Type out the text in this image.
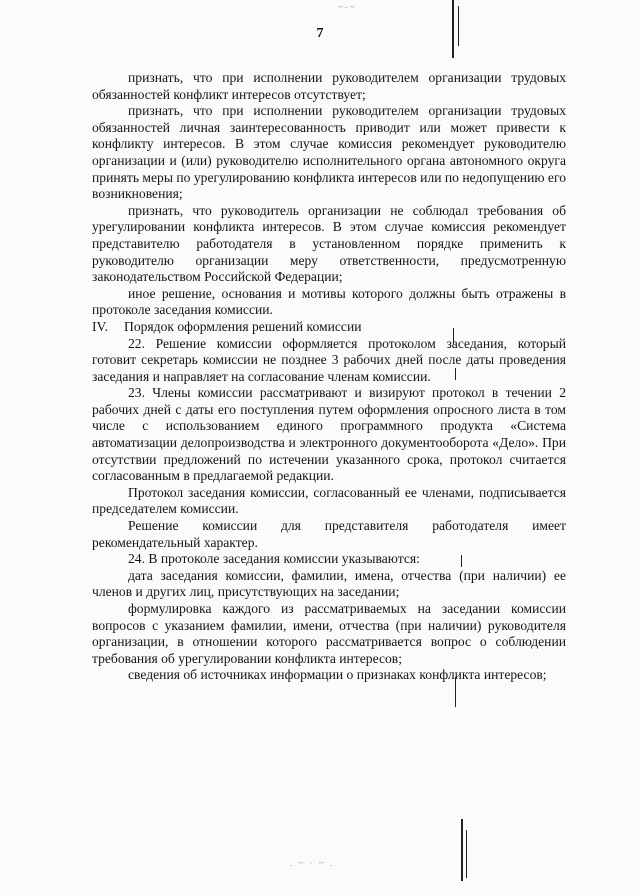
~-~
. ~ · ~ .
7

признать, что при исполнении руководителем организации трудовых обязанностей конфликт интересов отсутствует;

признать, что при исполнении руководителем организации трудовых обязанностей личная заинтересованность приводит или может привести к конфликту интересов. В этом случае комиссия рекомендует руководителю организации и (или) руководителю исполнительного органа автономного округа принять меры по урегулированию конфликта интересов или по недопущению его возникновения;

признать, что руководитель организации не соблюдал требования об урегулировании конфликта интересов. В этом случае комиссия рекомендует представителю работодателя в установленном порядке применить к руководителю организации меру ответственности, предусмотренную законодательством Российской Федерации;

иное решение, основания и мотивы которого должны быть отражены в протоколе заседания комиссии.

IV. Порядок оформления решений комиссии

22. Решение комиссии оформляется протоколом заседания, который готовит секретарь комиссии не позднее 3 рабочих дней после даты проведения заседания и направляет на согласование членам комиссии.

23. Члены комиссии рассматривают и визируют протокол в течении 2 рабочих дней с даты его поступления путем оформления опросного листа в том числе с использованием единого программного продукта «Система автоматизации делопроизводства и электронного документооборота «Дело». При отсутствии предложений по истечении указанного срока, протокол считается согласованным в предлагаемой редакции.

Протокол заседания комиссии, согласованный ее членами, подписывается председателем комиссии.

Решение комиссии для представителя работодателя имеет рекомендательный характер.

24. В протоколе заседания комиссии указываются:

дата заседания комиссии, фамилии, имена, отчества (при наличии) ее членов и других лиц, присутствующих на заседании;

формулировка каждого из рассматриваемых на заседании комиссии вопросов с указанием фамилии, имени, отчества (при наличии) руководителя организации, в отношении которого рассматривается вопрос о соблюдении требования об урегулировании конфликта интересов;

сведения об источниках информации о признаках конфликта интересов;
